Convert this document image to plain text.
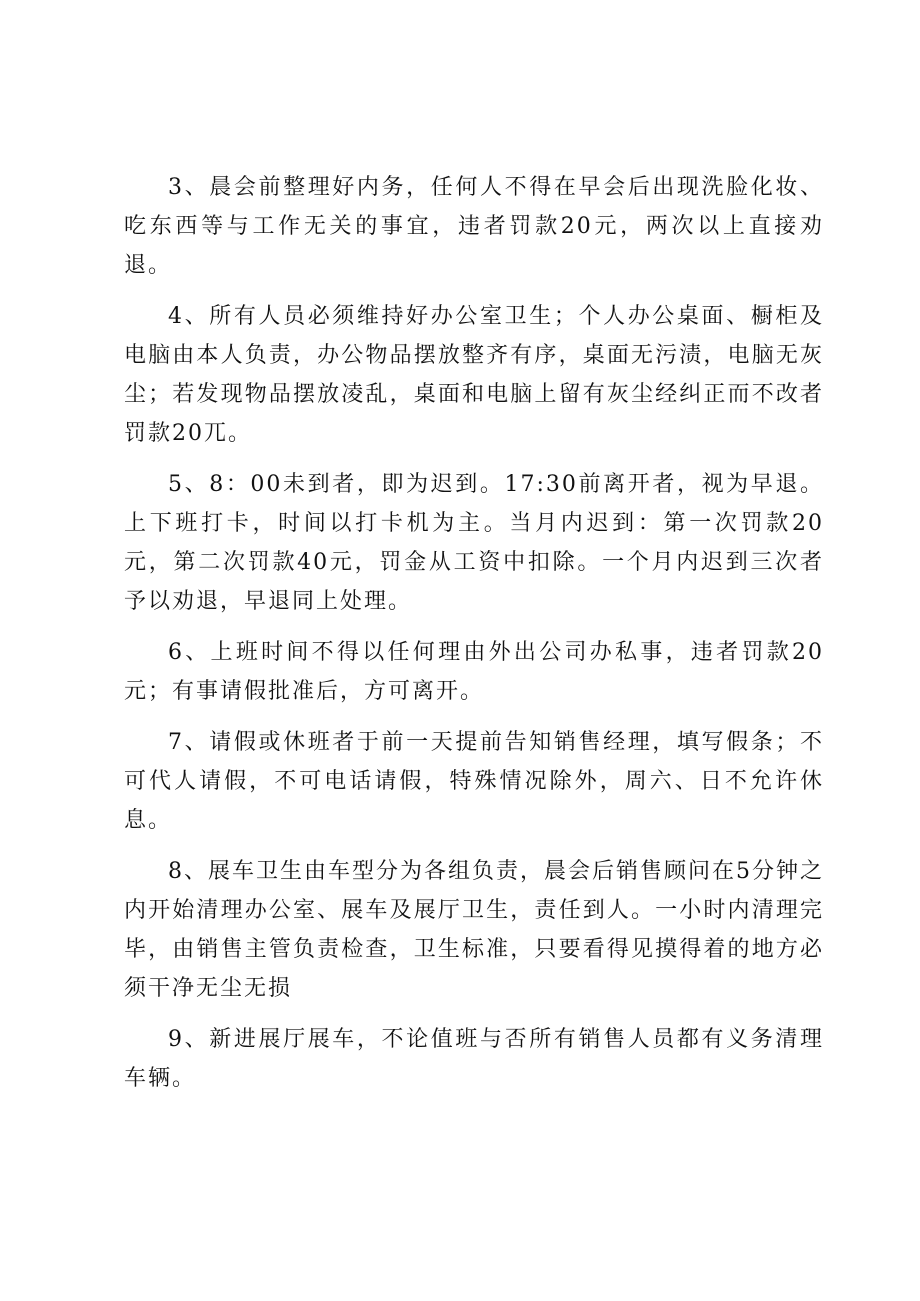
3、晨会前整理好内务，任何人不得在早会后出现洗脸化妆、吃东西等与工作无关的事宜，违者罚款20元，两次以上直接劝退。

4、所有人员必须维持好办公室卫生；个人办公桌面、橱柜及电脑由本人负责，办公物品摆放整齐有序，桌面无污渍，电脑无灰尘；若发现物品摆放凌乱，桌面和电脑上留有灰尘经纠正而不改者罚款20兀。

5、8：00未到者，即为迟到。17:30前离开者，视为早退。上下班打卡，时间以打卡机为主。当月内迟到：第一次罚款20元，第二次罚款40元，罚金从工资中扣除。一个月内迟到三次者予以劝退，早退同上处理。

6、上班时间不得以任何理由外出公司办私事，违者罚款20元；有事请假批准后，方可离开。

7、请假或休班者于前一天提前告知销售经理，填写假条；不可代人请假，不可电话请假，特殊情况除外，周六、日不允许休息。

8、展车卫生由车型分为各组负责，晨会后销售顾问在5分钟之内开始清理办公室、展车及展厅卫生，责任到人。一小时内清理完毕，由销售主管负责检查，卫生标准，只要看得见摸得着的地方必须干净无尘无损

9、新进展厅展车，不论值班与否所有销售人员都有义务清理车辆。
